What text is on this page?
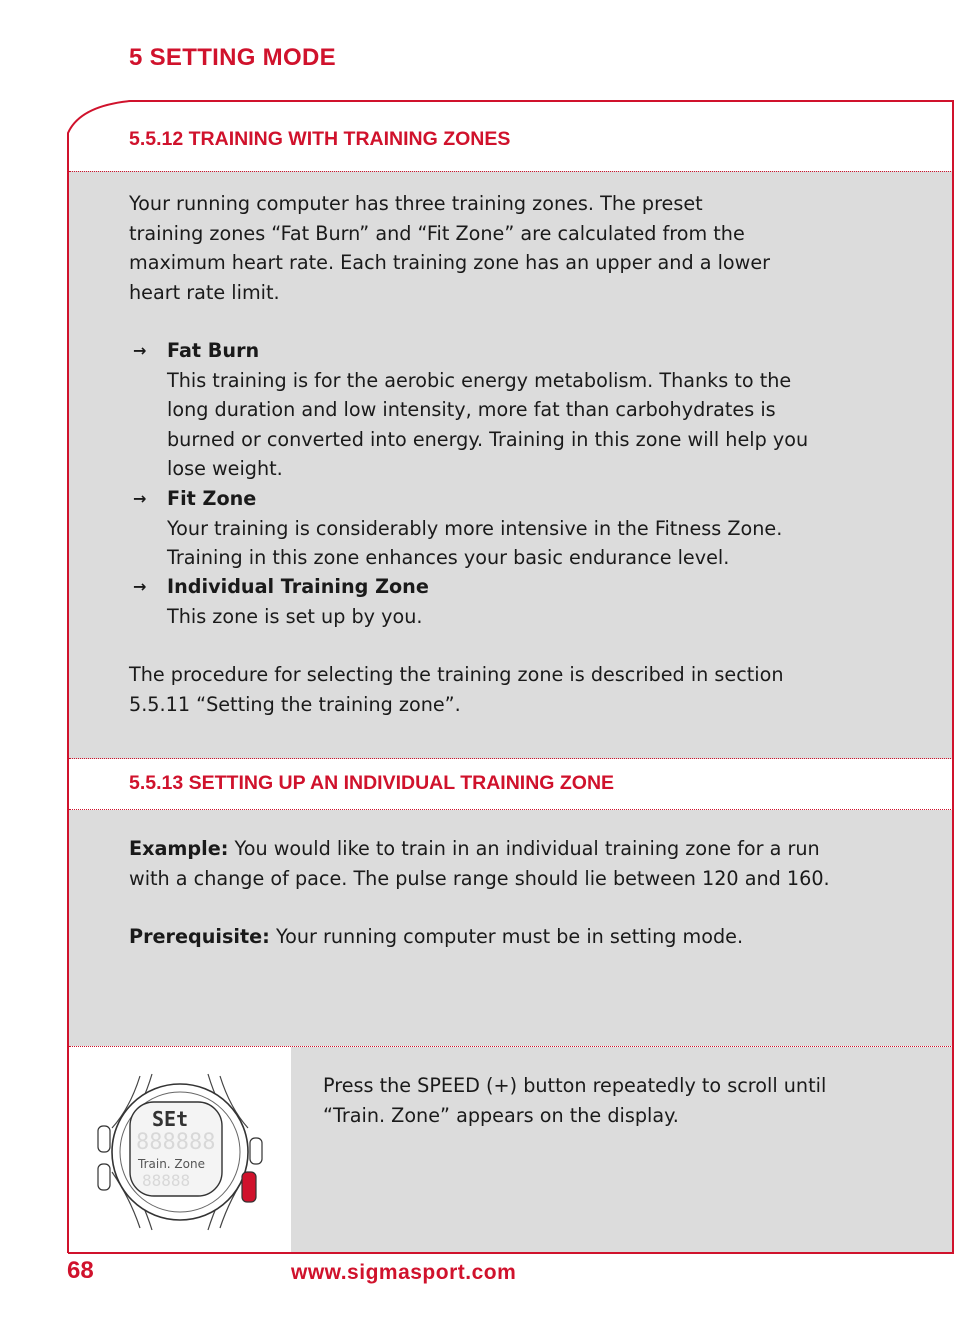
5 SETTING MODE
5.5.12 TRAINING WITH TRAINING ZONES

Your running computer has three training zones. The preset

training zones “Fat Burn” and “Fit Zone” are calculated from the

maximum heart rate. Each training zone has an upper and a lower

heart rate limit.

→	Fat Burn
This training is for the aerobic energy metabolism. Thanks to the
long duration and low intensity, more fat than carbohydrates is
burned or converted into energy. Training in this zone will help you
lose weight.
→	Fit Zone
Your training is considerably more intensive in the Fitness Zone.
Training in this zone enhances your basic endurance level.
→	Individual Training Zone
This zone is set up by you.

The procedure for selecting the training zone is described in section

5.5.11 “Setting the training zone”.

5.5.13 SETTING UP AN INDIVIDUAL TRAINING ZONE

Example: You would like to train in an individual training zone for a run

with a change of pace. The pulse range should lie between 120 and 160.

Prerequisite: Your running computer must be in setting mode.

SEt
888888
Train. Zone
88888

Press the SPEED (+) button repeatedly to scroll until

“Train. Zone” appears on the display.

68	www.sigmasport.com
